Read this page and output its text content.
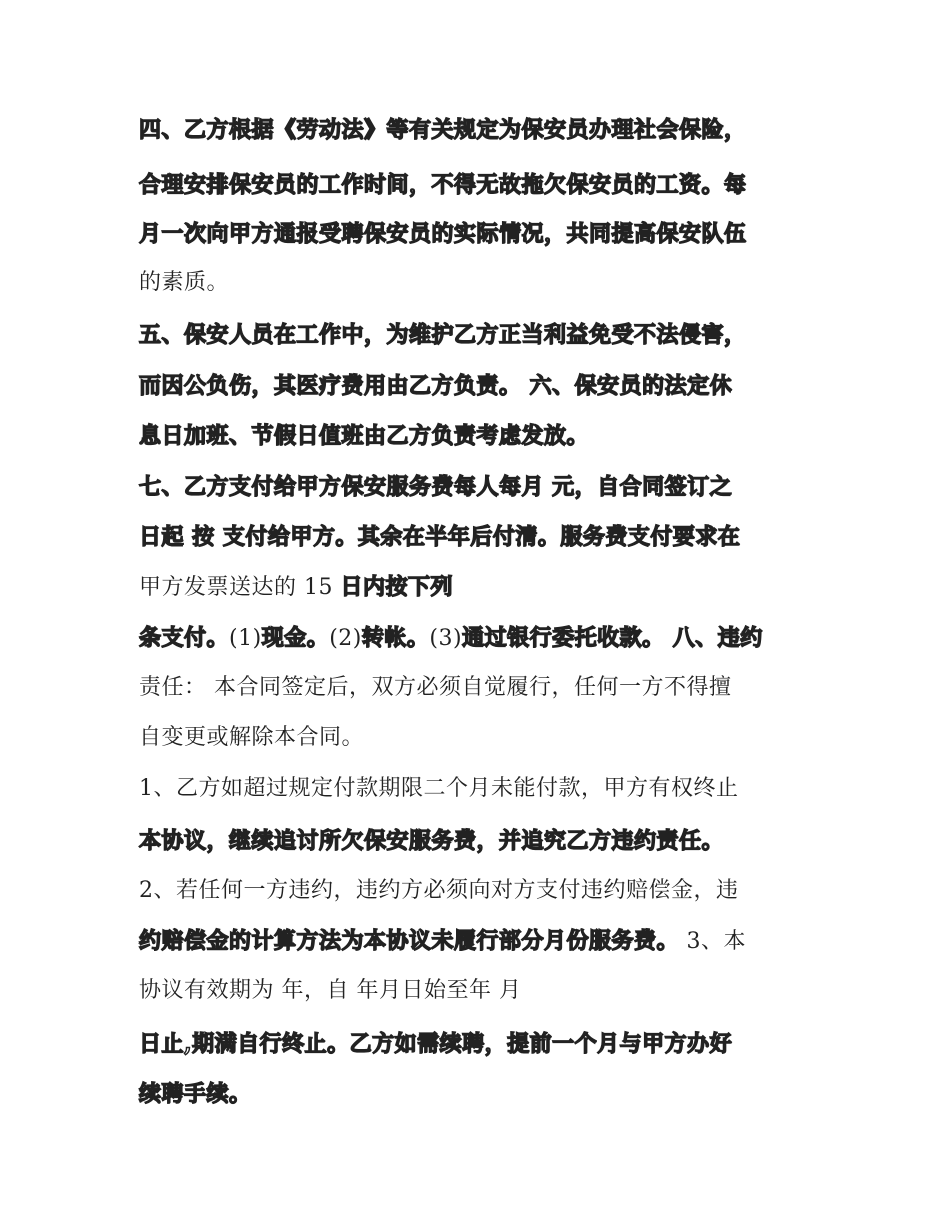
四、乙方根据《劳动法》等有关规定为保安员办理社会保险，
合理安排保安员的工作时间，不得无故拖欠保安员的工资。每
月一次向甲方通报受聘保安员的实际情况，共同提高保安队伍
的素质。
五、保安人员在工作中，为维护乙方正当利益免受不法侵害，
而因公负伤，其医疗费用由乙方负责。 六、保安员的法定休
息日加班、节假日值班由乙方负责考虑发放。
七、乙方支付给甲方保安服务费每人每月 元，自合同签订之
日起 按 支付给甲方。其余在半年后付清。服务费支付要求在
甲方发票送达的 15 日内按下列
条支付。(1)现金。(2)转帐。(3)通过银行委托收款。 八、违约
责任： 本合同签定后，双方必须自觉履行，任何一方不得擅
自变更或解除本合同。
1、乙方如超过规定付款期限二个月未能付款，甲方有权终止
本协议，继续追讨所欠保安服务费，并追究乙方违约责任。
2、若任何一方违约，违约方必须向对方支付违约赔偿金，违
约赔偿金的计算方法为本协议未履行部分月份服务费。 3、本
协议有效期为 年，自 年月日始至年 月
日止,期满自行终止。乙方如需续聘，提前一个月与甲方办好
续聘手续。
